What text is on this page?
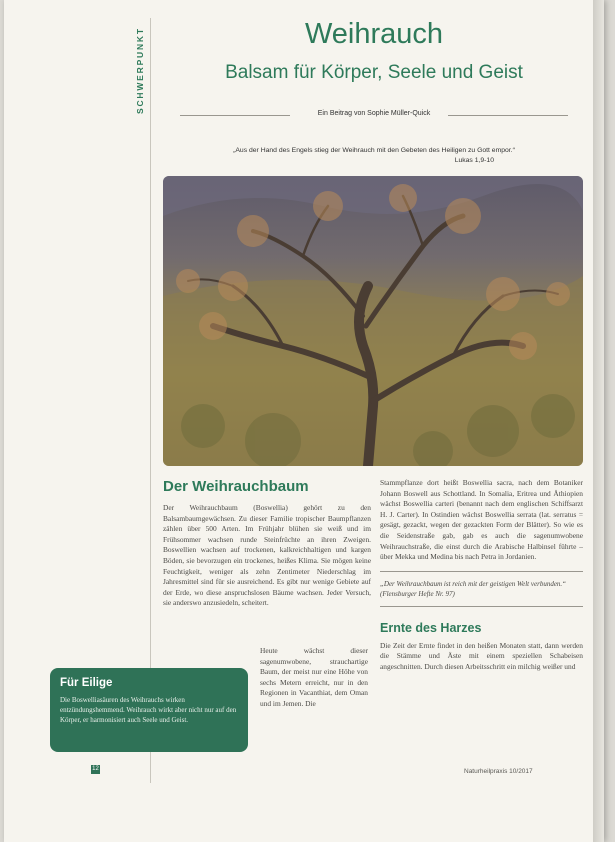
SCHWERPUNKT	Weihrauch
Balsam für Körper, Seele und Geist
Ein Beitrag von Sophie Müller-Quick
„Aus der Hand des Engels stieg der Weihrauch mit den Gebeten des Heiligen zu Gott empor.“
Lukas 1,9-10
Der Weihrauchbaum

Der Weihrauchbaum (Boswellia) gehört zu den Balsambaumgewächsen. Zu dieser Familie tropischer Baumpflanzen zählen über 500 Arten. Im Frühjahr blühen sie weiß und im Frühsommer wachsen runde Steinfrüchte an ihren Zweigen. Boswellien wachsen auf trockenen, kalkreichhaltigen und kargen Böden, sie bevorzugen ein trockenes, heißes Klima. Sie mögen keine Feuchtigkeit, weniger als zehn Zentimeter Niederschlag im Jahresmittel sind für sie ausreichend. Es gibt nur wenige Gebiete auf der Erde, wo diese anspruchslosen Bäume wachsen. Jeder Versuch, sie anderswo anzusiedeln, scheitert.

Heute wächst dieser sagenumwobene, strauchartige Baum, der meist nur eine Höhe von sechs Metern erreicht, nur in den Regionen in Vacanthiat, dem Oman und im Jemen. Die

Stammpflanze dort heißt Boswellia sacra, nach dem Botaniker Johann Boswell aus Schottland. In Somalia, Eritrea und Äthiopien wächst Boswellia carteri (benannt nach dem englischen Schiffsarzt H. J. Carter). In Ostindien wächst Boswellia serrata (lat. serratus = gesägt, gezackt, wegen der gezackten Form der Blätter). So wie es die Seidenstraße gab, gab es auch die sagenumwobene Weihrauchstraße, die einst durch die Arabische Halbinsel führte – über Mekka und Medina bis nach Petra in Jordanien.

„Der Weihrauchbaum ist reich mit der geistigen Welt verbunden.“ (Flensburger Hefte Nr. 97)
Ernte des Harzes

Die Zeit der Ernte findet in den heißen Monaten statt, dann werden die Stämme und Äste mit einem speziellen Schabeisen angeschnitten. Durch diesen Arbeitsschritt ein milchig weißer und

Für Eilige

Die Boswelliasäuren des Weihrauchs wirken entzündungshemmend. Weihrauch wirkt aber nicht nur auf den Körper, er harmonisiert auch Seele und Geist.

12	Naturheilpraxis 10/2017
